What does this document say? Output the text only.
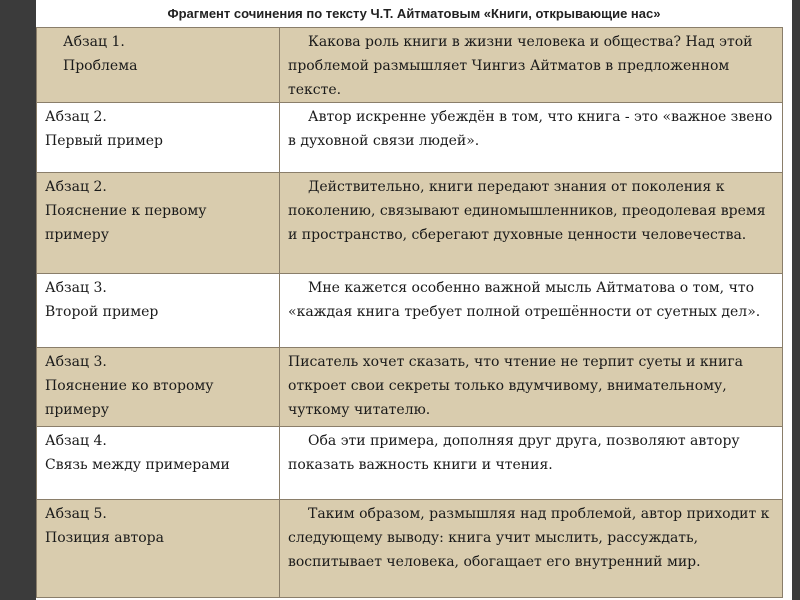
Фрагмент сочинения по тексту Ч.Т. Айтматовым «Книги, открывающие нас»
Абзац 1.
Проблема	Какова роль книги в жизни человека и общества? Над этой проблемой размышляет Чингиз Айтматов в предложенном тексте.

Абзац 2.
Первый пример	Автор искренне убеждён в том, что книга - это «важное звено в духовной связи людей».

Абзац 2.
Пояснение к первому примеру	Действительно, книги передают знания от поколения к поколению, связывают единомышленников, преодолевая время и пространство, сберегают духовные ценности человечества.

Абзац 3.
Второй пример	Мне кажется особенно важной мысль Айтматова о том, что «каждая книга требует полной отрешённости от суетных дел».

Абзац 3.
Пояснение ко второму примеру	Писатель хочет сказать, что чтение не терпит суеты и книга откроет свои секреты только вдумчивому, внимательному, чуткому читателю.

Абзац 4.
Связь между примерами	Оба эти примера, дополняя друг друга, позволяют автору показать важность книги и чтения.

Абзац 5.
Позиция автора	Таким образом, размышляя над проблемой, автор приходит к следующему выводу: книга учит мыслить, рассуждать, воспитывает человека, обогащает его внутренний мир.
